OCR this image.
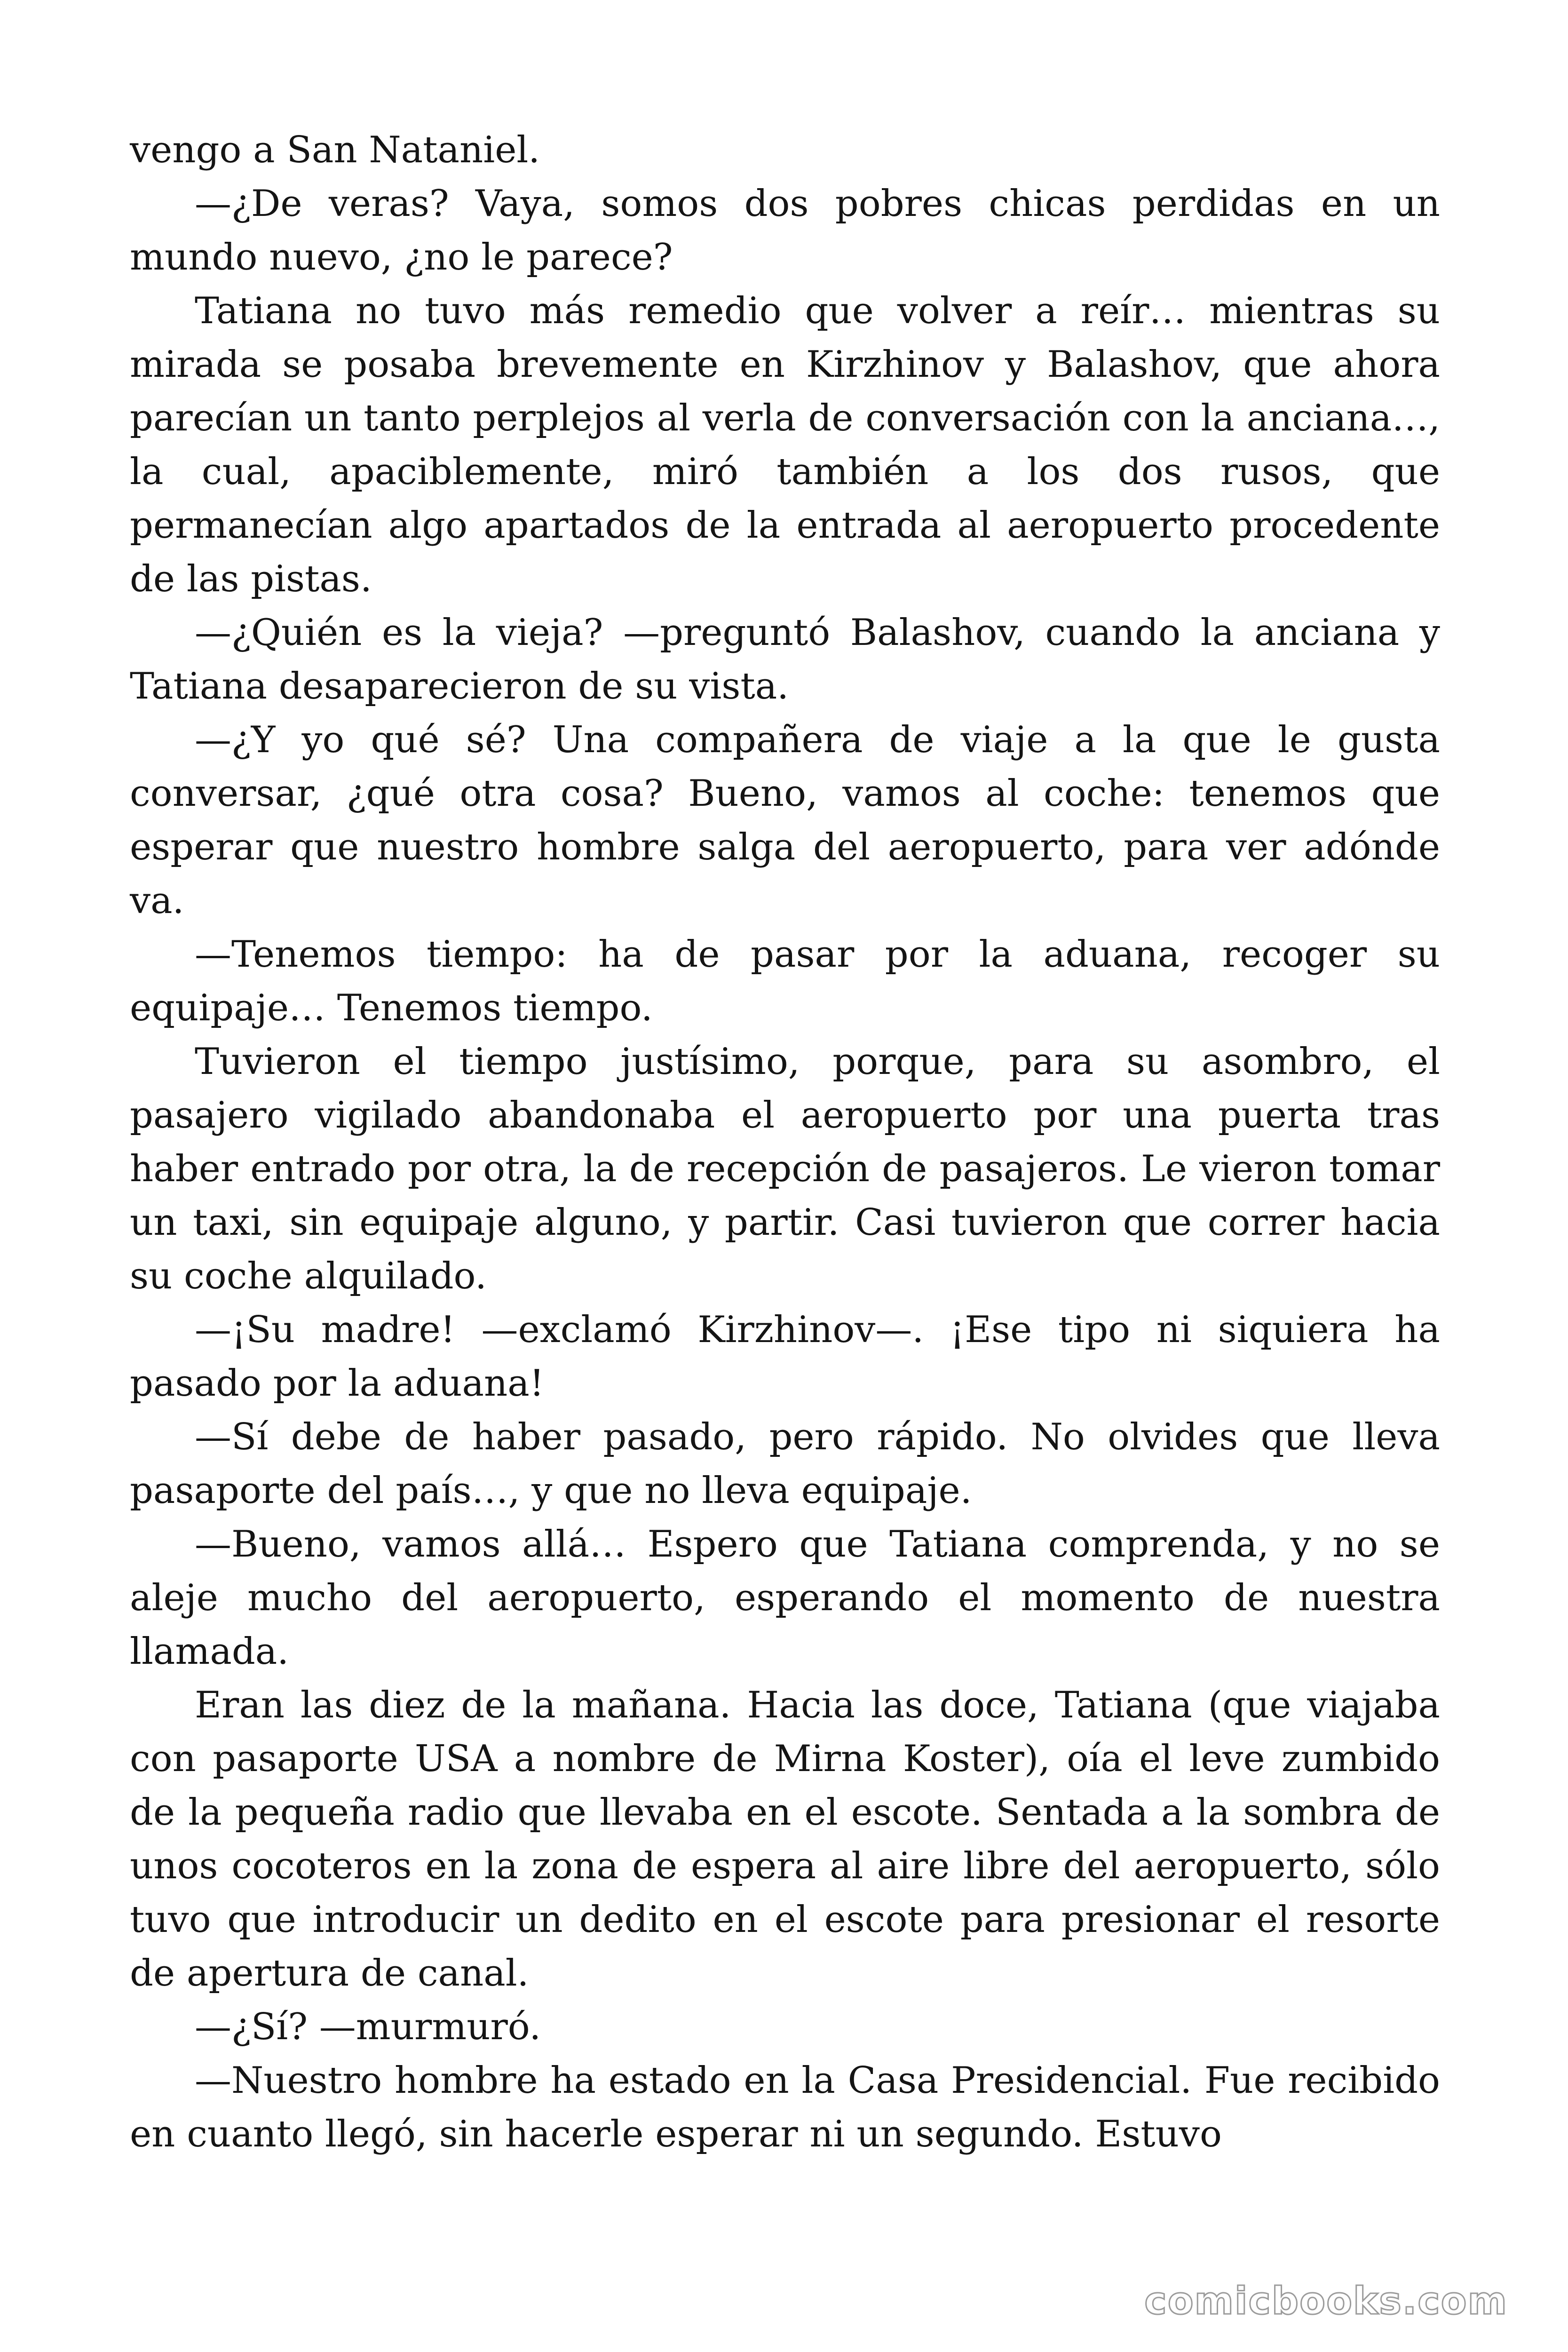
vengo a San Nataniel.

—¿De veras? Vaya, somos dos pobres chicas perdidas en un mundo nuevo, ¿no le parece?

Tatiana no tuvo más remedio que volver a reír… mientras su mirada se posaba brevemente en Kirzhinov y Balashov, que ahora parecían un tanto perplejos al verla de conversación con la anciana…, la cual, apaciblemente, miró también a los dos rusos, que permanecían algo apartados de la entrada al aeropuerto procedente de las pistas.

—¿Quién es la vieja? —preguntó Balashov, cuando la anciana y Tatiana desaparecieron de su vista.

—¿Y yo qué sé? Una compañera de viaje a la que le gusta conversar, ¿qué otra cosa? Bueno, vamos al coche: tenemos que esperar que nuestro hombre salga del aeropuerto, para ver adónde va.

—Tenemos tiempo: ha de pasar por la aduana, recoger su equipaje… Tenemos tiempo.

Tuvieron el tiempo justísimo, porque, para su asombro, el pasajero vigilado abandonaba el aeropuerto por una puerta tras haber entrado por otra, la de recepción de pasajeros. Le vieron tomar un taxi, sin equipaje alguno, y partir. Casi tuvieron que correr hacia su coche alquilado.

—¡Su madre! —exclamó Kirzhinov—. ¡Ese tipo ni siquiera ha pasado por la aduana!

—Sí debe de haber pasado, pero rápido. No olvides que lleva pasaporte del país…, y que no lleva equipaje.

—Bueno, vamos allá… Espero que Tatiana comprenda, y no se aleje mucho del aeropuerto, esperando el momento de nuestra llamada.

Eran las diez de la mañana. Hacia las doce, Tatiana (que viajaba con pasaporte USA a nombre de Mirna Koster), oía el leve zumbido de la pequeña radio que llevaba en el escote. Sentada a la sombra de unos cocoteros en la zona de espera al aire libre del aeropuerto, sólo tuvo que introducir un dedito en el escote para presionar el resorte de apertura de canal.

—¿Sí? —murmuró.

—Nuestro hombre ha estado en la Casa Presidencial. Fue recibido en cuanto llegó, sin hacerle esperar ni un segundo. Estuvo

comicbooks.com
